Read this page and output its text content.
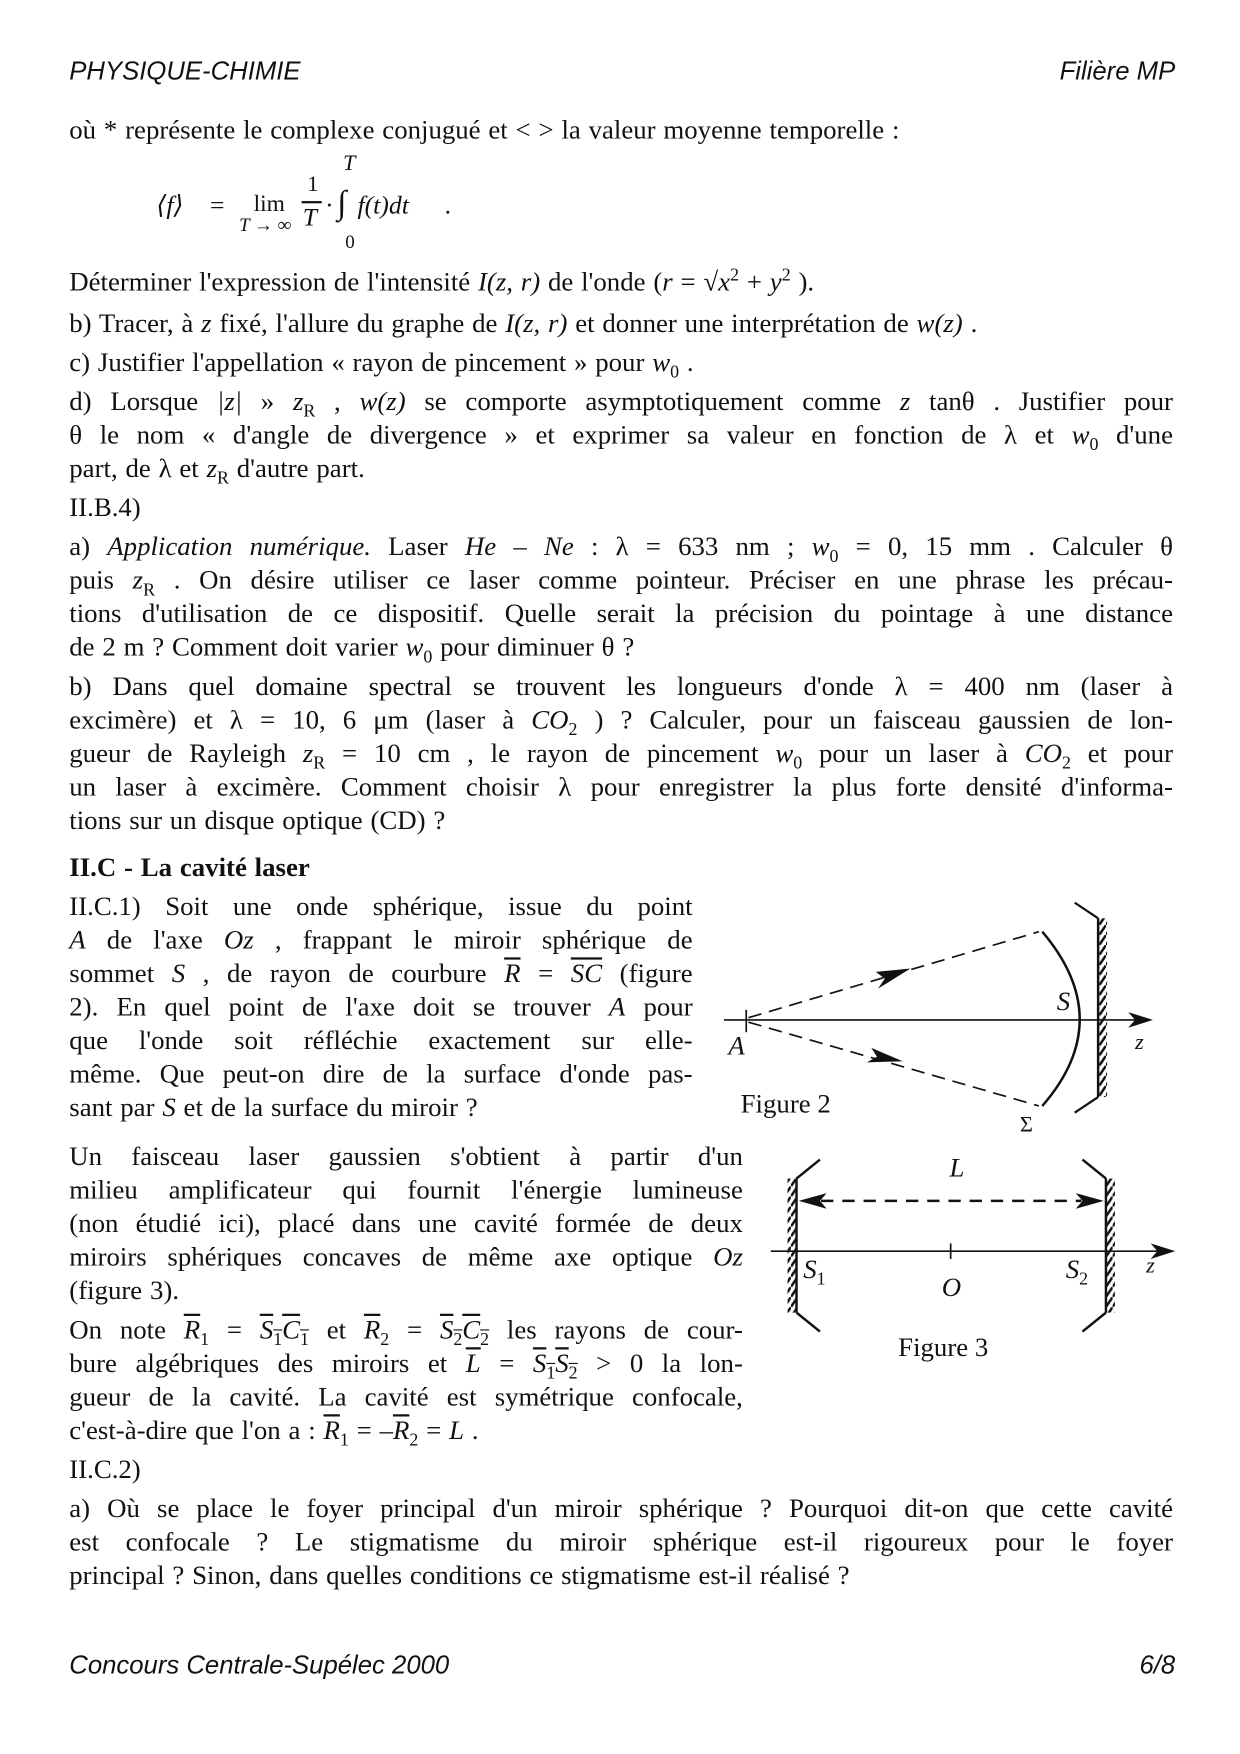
PHYSIQUE-CHIMIE	Filière MP
où * représente le complexe conjugué et < > la valeur moyenne temporelle :
Déterminer l'expression de l'intensité I(z, r) de l'onde ($r = √x^2 + y^2$ ).
b) Tracer, à z fixé, l'allure du graphe de I(z, r) et donner une interprétation de w(z) .
c) Justifier l'appellation « rayon de pincement » pour $w_0$ .
d) Lorsque |z| » $z_R$ , w(z) se comporte asymptotiquement comme z tanθ . Justifier pour
θ le nom « d'angle de divergence » et exprimer sa valeur en fonction de λ et $w_0$ d'une
part, de λ et $z_R$ d'autre part.
II.B.4)
a) Application numérique. Laser He – Ne : λ = 633 nm ; $w_0 = 0$, 15 mm . Calculer θ
puis $z_R$ . On désire utiliser ce laser comme pointeur. Préciser en une phrase les précau-
tions d'utilisation de ce dispositif. Quelle serait la précision du pointage à une distance
de 2 m ? Comment doit varier $w_0$ pour diminuer θ ?
b) Dans quel domaine spectral se trouvent les longueurs d'onde λ = 400 nm (laser à
excimère) et λ = 10, 6 μm (laser à $CO_2$ ) ? Calculer, pour un faisceau gaussien de lon-
gueur de Rayleigh $z_R = 10$ cm , le rayon de pincement $w_0$ pour un laser à $CO_2$ et pour
un laser à excimère. Comment choisir λ pour enregistrer la plus forte densité d'informa-
tions sur un disque optique (CD) ?
II.C - La cavité laser
II.C.1) Soit une onde sphérique, issue du point
A de l'axe Oz , frappant le miroir sphérique de
sommet S , de rayon de courbure $\overline{R} = \overline{SC}$ (figure
2). En quel point de l'axe doit se trouver A pour
que l'onde soit réfléchie exactement sur elle-
même. Que peut-on dire de la surface d'onde pas-
sant par S et de la surface du miroir ?
Un faisceau laser gaussien s'obtient à partir d'un
milieu amplificateur qui fournit l'énergie lumineuse
(non étudié ici), placé dans une cavité formée de deux
miroirs sphériques concaves de même axe optique Oz
(figure 3).
On note $\overline{R}_1 = \overline{S}_1\overline{C}_1$ et $\overline{R}_2 = \overline{S}_2\overline{C}_2$ les rayons de cour-
bure algébriques des miroirs et $\overline{L} = \overline{S}_1\overline{S}_2 > 0$ la lon-
gueur de la cavité. La cavité est symétrique confocale,
c'est-à-dire que l'on a : $\overline{R}_1 = -\overline{R}_2 = L$ .
II.C.2)
a) Où se place le foyer principal d'un miroir sphérique ? Pourquoi dit-on que cette cavité
est confocale ? Le stigmatisme du miroir sphérique est-il rigoureux pour le foyer
principal ? Sinon, dans quelles conditions ce stigmatisme est-il réalisé ?
⟨f⟩ = lim
T → ∞
1
T · ∫
T
0
f(t)dt .
A
S
z
Σ
Figure 2
L
$S_1$	O
$S_2$
z
Figure 3
Concours Centrale-Supélec 2000	6/8
